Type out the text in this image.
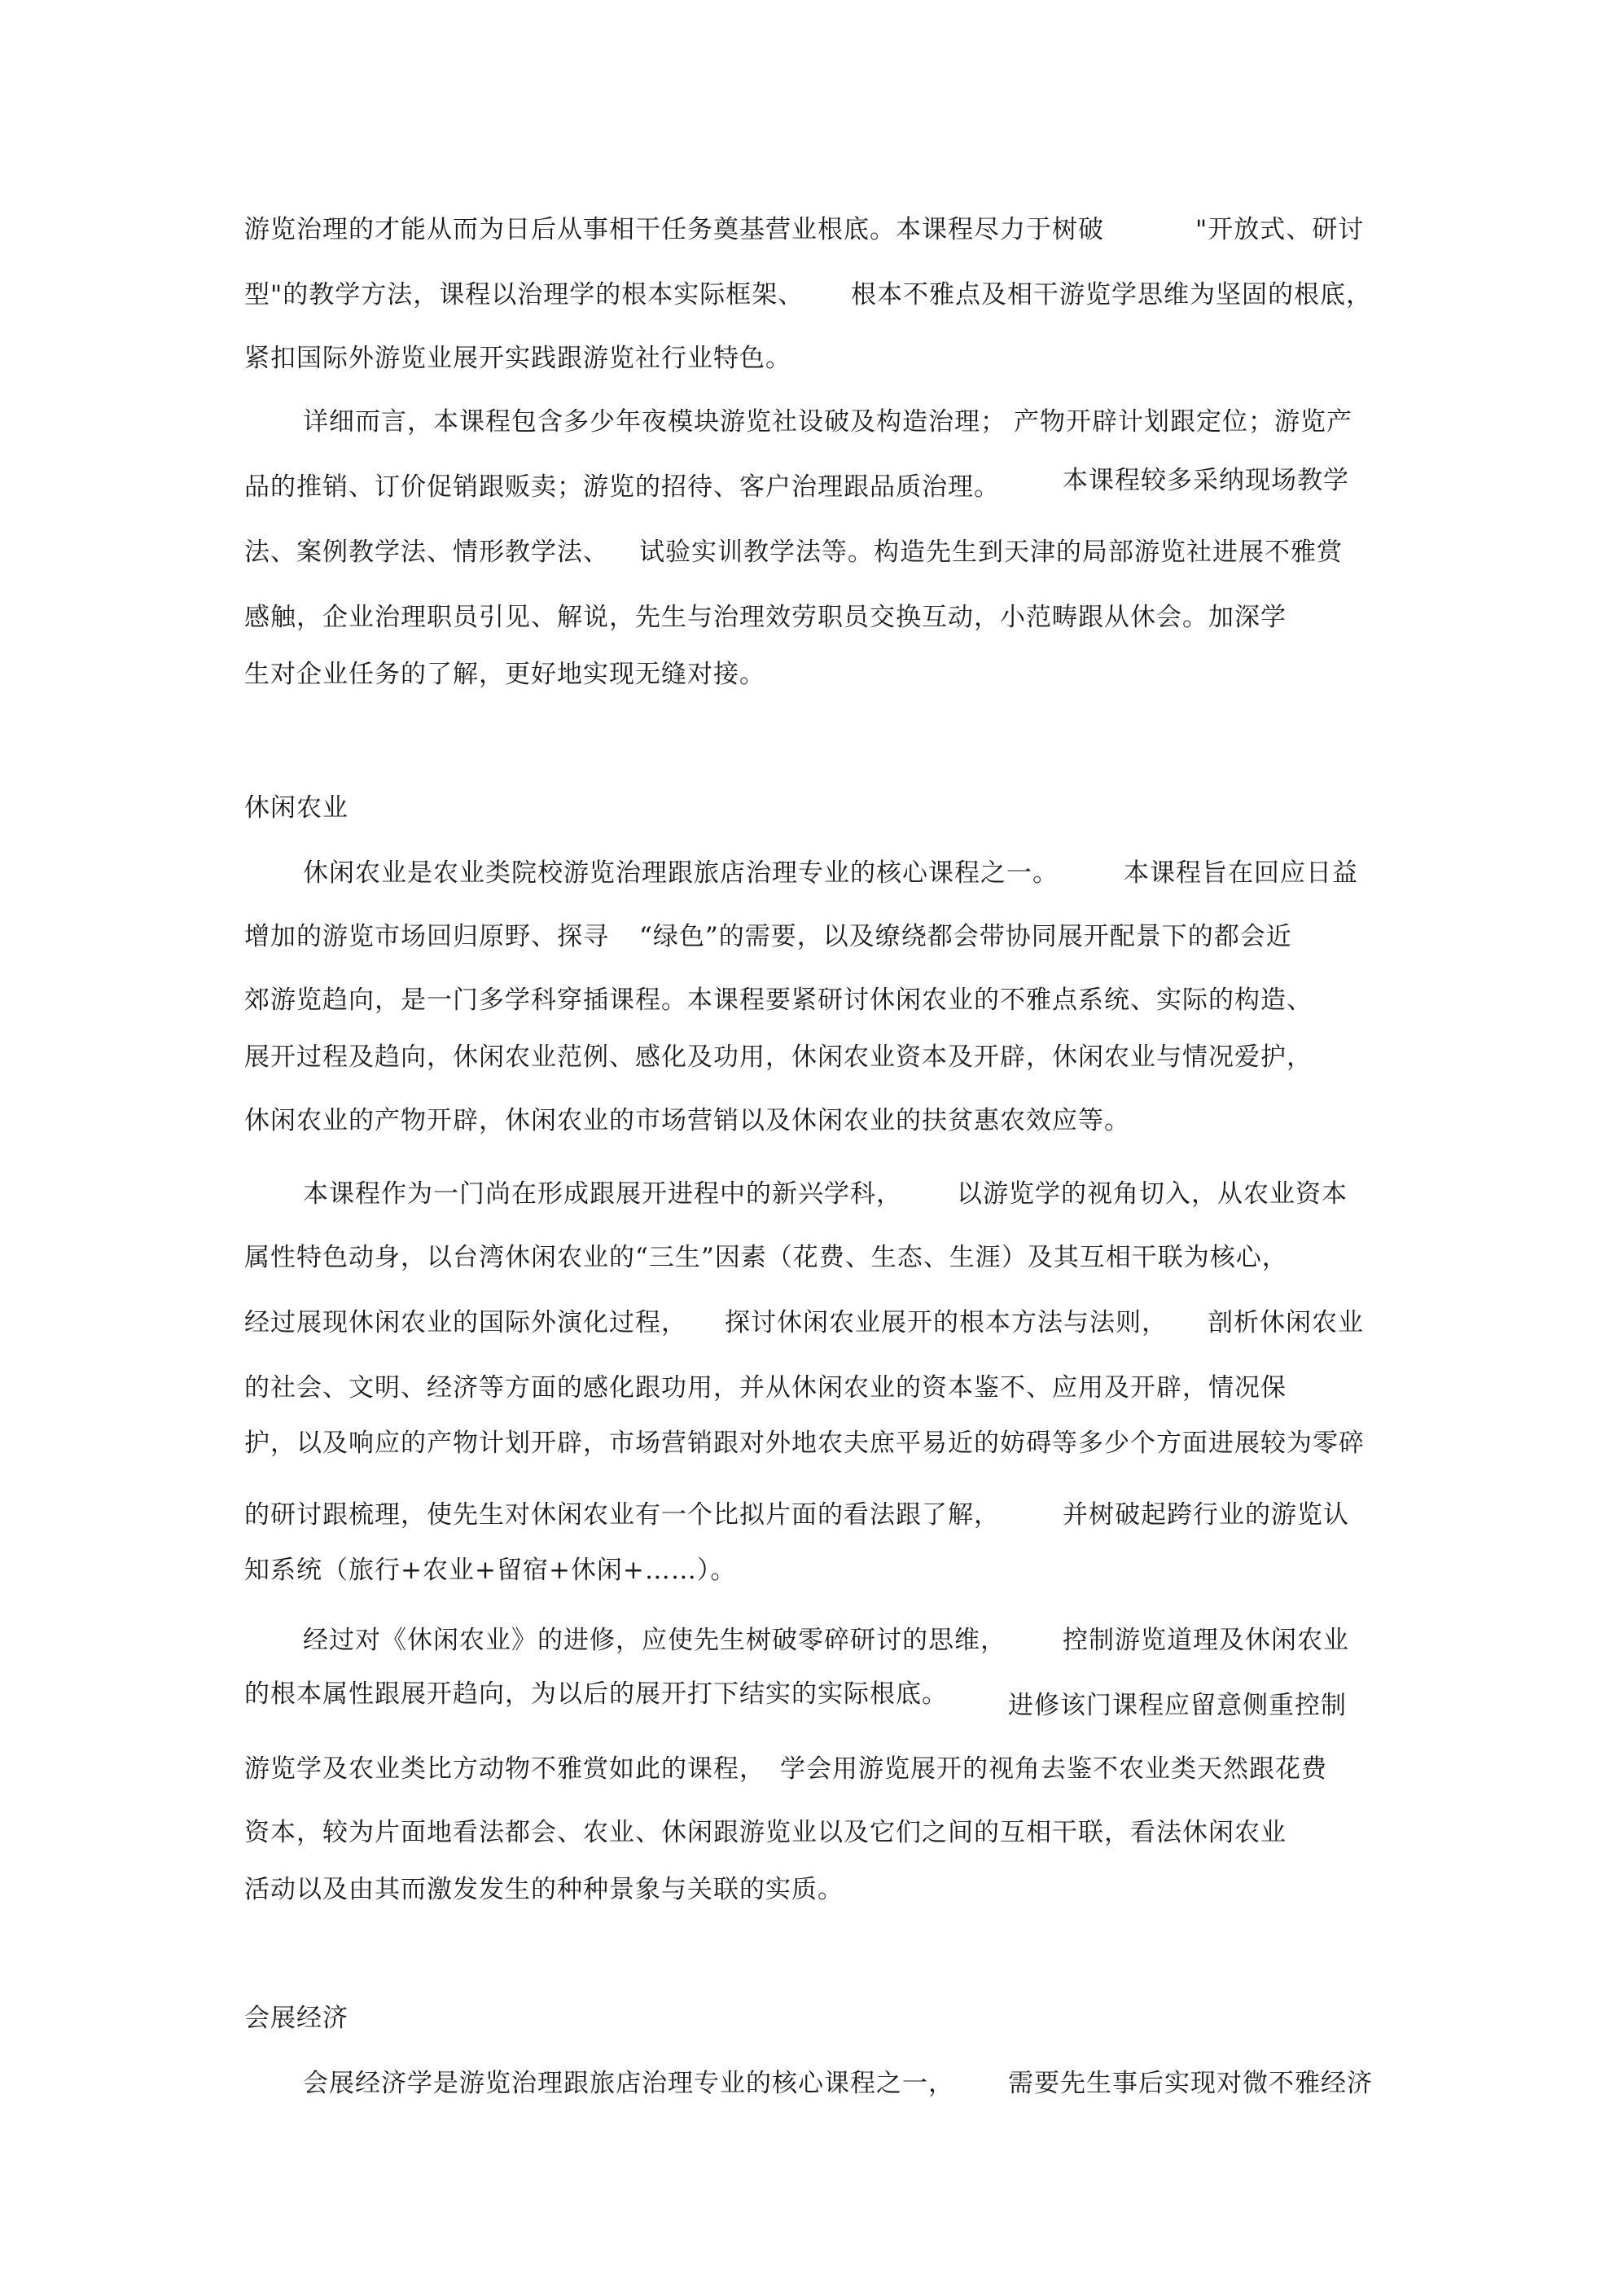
游览治理的才能从而为日后从事相干任务奠基营业根底。本课程尽力于树破	"开放式、研讨
型"的教学方法，课程以治理学的根本实际框架、 根本不雅点及相干游览学思维为坚固的根底，
紧扣国际外游览业展开实践跟游览社行业特色。
详细而言，本课程包含多少年夜模块游览社设破及构造治理； 产物开辟计划跟定位；游览产
品的推销、订价促销跟贩卖；游览的招待、客户治理跟品质治理。 本课程较多采纳现场教学
法、案例教学法、情形教学法、 试验实训教学法等。构造先生到天津的局部游览社进展不雅赏
感触，企业治理职员引见、解说，先生与治理效劳职员交换互动，小范畴跟从休会。加深学
生对企业任务的了解，更好地实现无缝对接。
休闲农业
休闲农业是农业类院校游览治理跟旅店治理专业的核心课程之一。	本课程旨在回应日益
增加的游览市场回归原野、探寻 “绿色”的需要，以及缭绕都会带协同展开配景下的都会近
郊游览趋向，是一门多学科穿插课程。本课程要紧研讨休闲农业的不雅点系统、实际的构造、
展开过程及趋向，休闲农业范例、感化及功用，休闲农业资本及开辟，休闲农业与情况爱护，
休闲农业的产物开辟，休闲农业的市场营销以及休闲农业的扶贫惠农效应等。
本课程作为一门尚在形成跟展开进程中的新兴学科， 以游览学的视角切入，从农业资本
属性特色动身，以台湾休闲农业的“三生”因素（花费、生态、生涯）及其互相干联为核心，
经过展现休闲农业的国际外演化过程， 探讨休闲农业展开的根本方法与法则， 剖析休闲农业
的社会、文明、经济等方面的感化跟功用，并从休闲农业的资本鉴不、应用及开辟，情况保
护，以及响应的产物计划开辟，市场营销跟对外地农夫庶平易近的妨碍等多少个方面进展较为零碎
的研讨跟梳理，使先生对休闲农业有一个比拟片面的看法跟了解， 并树破起跨行业的游览认
知系统（旅行+农业+留宿+休闲+……）。
经过对《休闲农业》的进修，应使先生树破零碎研讨的思维， 控制游览道理及休闲农业
的根本属性跟展开趋向，为以后的展开打下结实的实际根底。 进修该门课程应留意侧重控制
游览学及农业类比方动物不雅赏如此的课程， 学会用游览展开的视角去鉴不农业类天然跟花费
资本，较为片面地看法都会、农业、休闲跟游览业以及它们之间的互相干联，看法休闲农业
活动以及由其而激发发生的种种景象与关联的实质。
会展经济
会展经济学是游览治理跟旅店治理专业的核心课程之一， 需要先生事后实现对微不雅经济
